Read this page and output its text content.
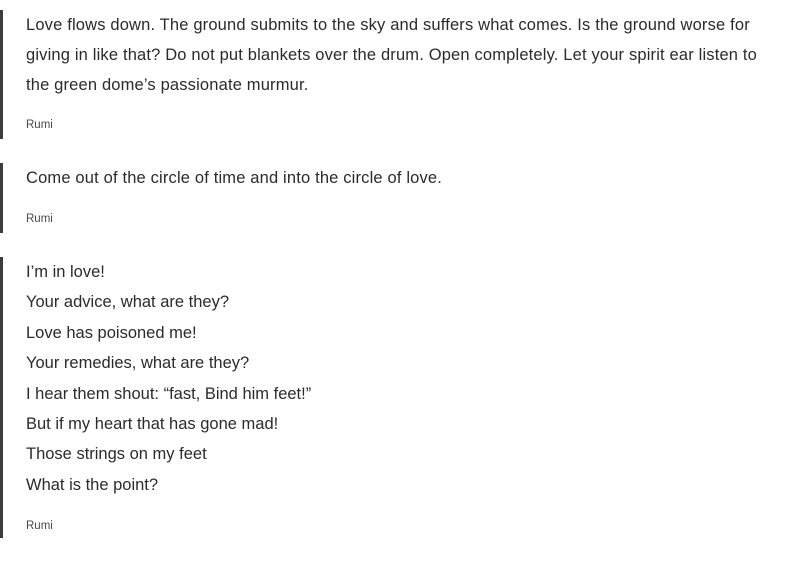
Love flows down. The ground submits to the sky and suffers what comes. Is the ground worse for giving in like that? Do not put blankets over the drum. Open completely. Let your spirit ear listen to the green dome’s passionate murmur.

Rumi

Come out of the circle of time and into the circle of love.

Rumi
I’m in love!
Your advice, what are they?
Love has poisoned me!
Your remedies, what are they?
I hear them shout: “fast, Bind him feet!”
But if my heart that has gone mad!
Those strings on my feet
What is the point?
Rumi
